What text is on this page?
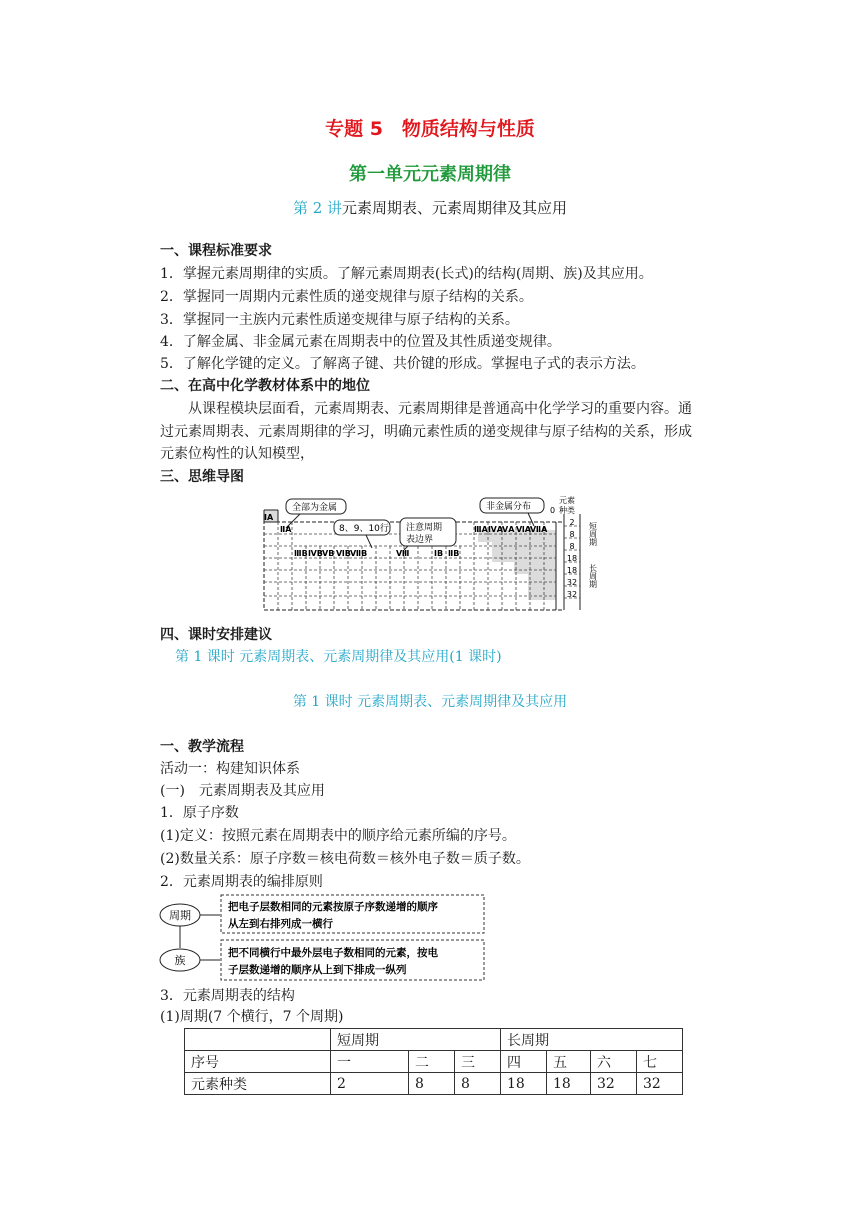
专题 5　物质结构与性质
第一单元元素周期律
第 2 讲元素周期表、元素周期律及其应用
一、课程标准要求
1．掌握元素周期律的实质。了解元素周期表(长式)的结构(周期、族)及其应用。
2．掌握同一周期内元素性质的递变规律与原子结构的关系。
3．掌握同一主族内元素性质递变规律与原子结构的关系。
4．了解金属、非金属元素在周期表中的位置及其性质递变规律。
5．了解化学键的定义。了解离子键、共价键的形成。掌握电子式的表示方法。
二、在高中化学教材体系中的地位
从课程模块层面看，元素周期表、元素周期律是普通高中化学学习的重要内容。通过元素周期表、元素周期律的学习，明确元素性质的递变规律与原子结构的关系，形成元素位构性的认知模型，
三、思维导图
全部为金属
8、9、10行 注意周期
表边界
非金属分布
元素
种类
0
ⅠA
ⅡA	ⅢA ⅣA ⅤA ⅥA ⅦA
ⅢB ⅣB ⅤB ⅥB ⅦB	Ⅷ	ⅠB ⅡB
2
8
8
18
18
32
32
短周期
长周期
四、课时安排建议
第 1 课时 元素周期表、元素周期律及其应用(1 课时)
第 1 课时 元素周期表、元素周期律及其应用
一、教学流程
活动一：构建知识体系
(一)　元素周期表及其应用
1．原子序数
(1)定义：按照元素在周期表中的顺序给元素所编的序号。
(2)数量关系：原子序数＝核电荷数＝核外电子数＝质子数。
2．元素周期表的编排原则
周期
族
把电子层数相同的元素按原子序数递增的顺序
从左到右排列成一横行
把不同横行中最外层电子数相同的元素，按电
子层数递增的顺序从上到下排成一纵列
3．元素周期表的结构
(1)周期(7 个横行，7 个周期)
	短周期			长周期			
序号	一	二	三	四	五	六	七
元素种类	2	8	8	18	18	32	32
